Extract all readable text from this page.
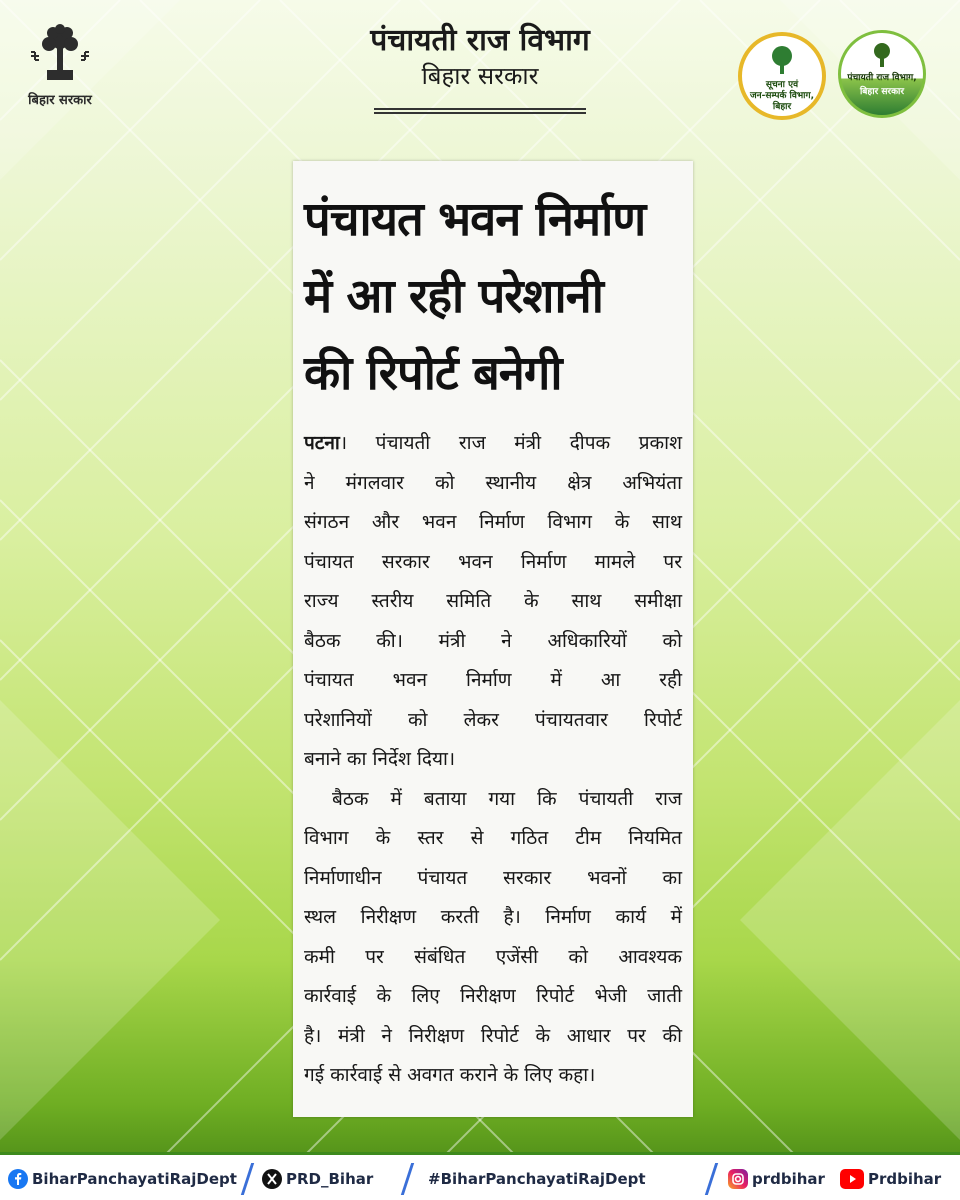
बिहार सरकार
पंचायती राज विभाग
बिहार सरकार	सूचना एवं
जन-सम्पर्क विभाग,
बिहार
पंचायती राज विभाग,
बिहार सरकार
पंचायत भवन निर्माण
में आ रही परेशानी
की रिपोर्ट बनेगी
पटना। पंचायती राज मंत्री दीपक प्रकाश
ने मंगलवार को स्थानीय क्षेत्र अभियंता
संगठन और भवन निर्माण विभाग के साथ
पंचायत सरकार भवन निर्माण मामले पर
राज्य स्तरीय समिति के साथ समीक्षा
बैठक की। मंत्री ने अधिकारियों को
पंचायत भवन निर्माण में आ रही
परेशानियों को लेकर पंचायतवार रिपोर्ट
बनाने का निर्देश दिया।
बैठक में बताया गया कि पंचायती राज
विभाग के स्तर से गठित टीम नियमित
निर्माणाधीन पंचायत सरकार भवनों का
स्थल निरीक्षण करती है। निर्माण कार्य में
कमी पर संबंधित एजेंसी को आवश्यक
कार्रवाई के लिए निरीक्षण रिपोर्ट भेजी जाती
है। मंत्री ने निरीक्षण रिपोर्ट के आधार पर की
गई कार्रवाई से अवगत कराने के लिए कहा।
BiharPanchayatiRajDept	PRD_Bihar	#BiharPanchayatiRajDept	prdbihar	Prdbihar
